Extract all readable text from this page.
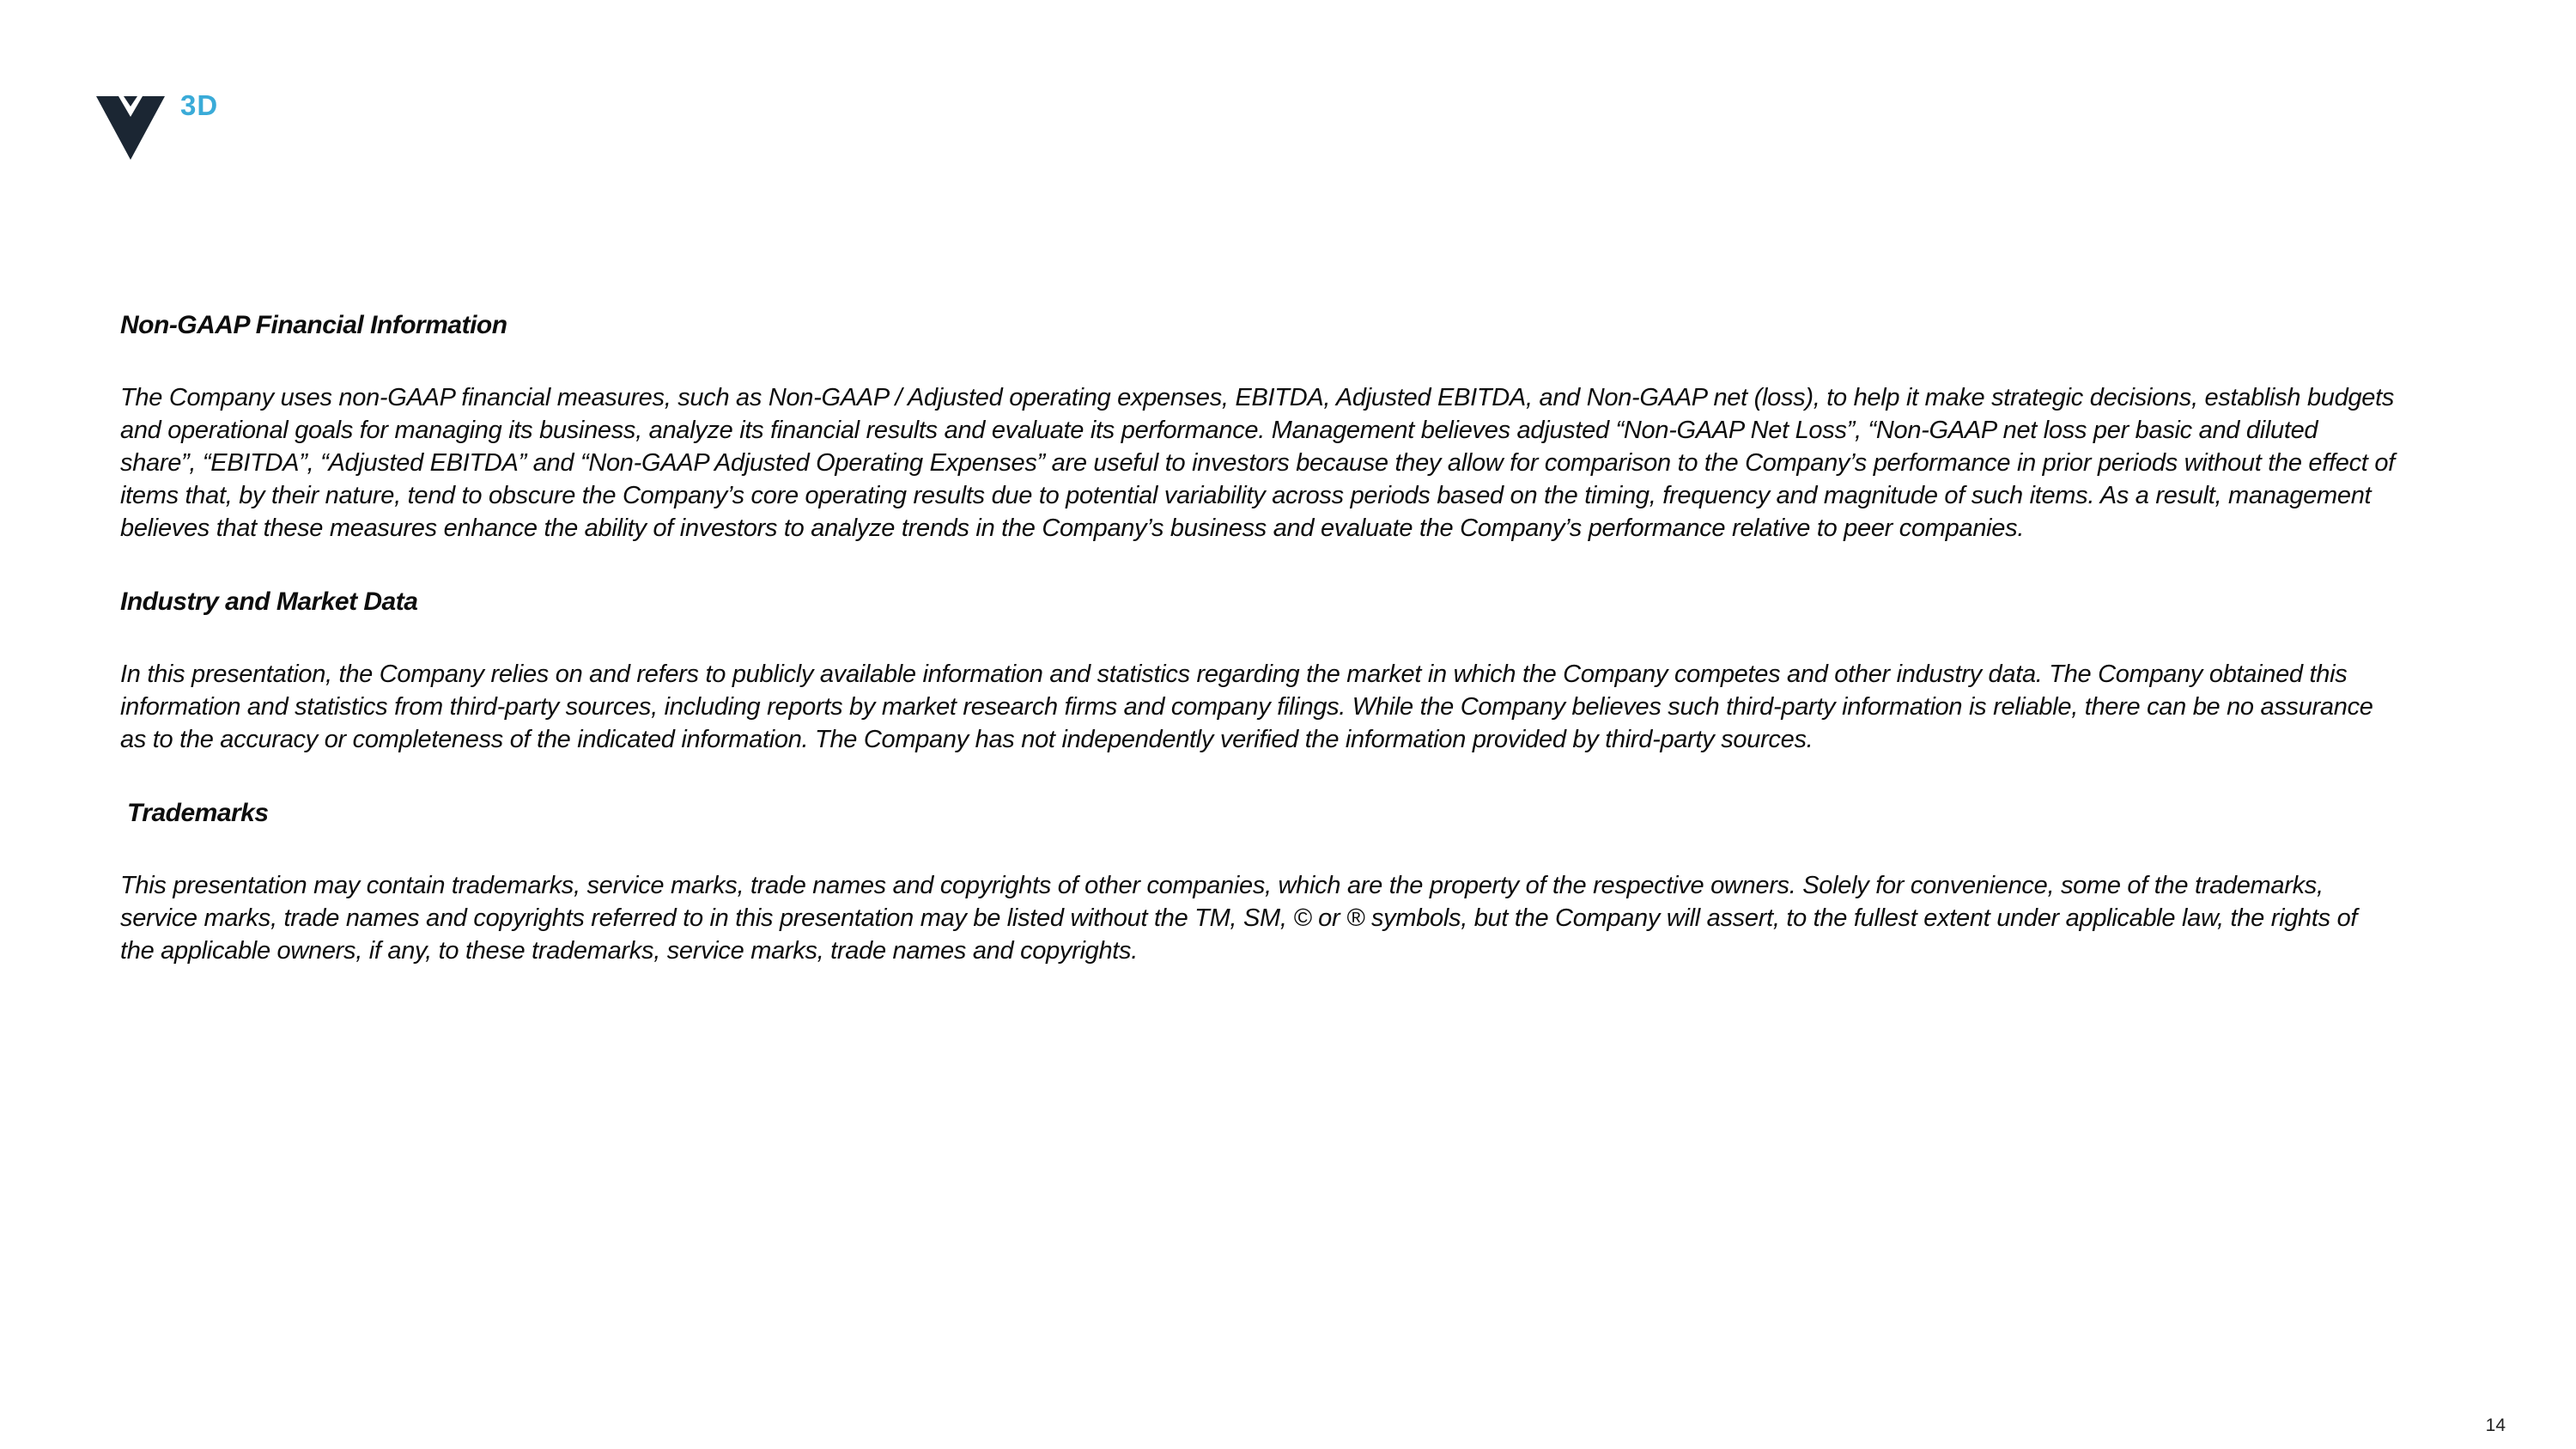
3D

Non-GAAP Financial Information

The Company uses non-GAAP financial measures, such as Non-GAAP / Adjusted operating expenses, EBITDA, Adjusted EBITDA, and Non-GAAP net (loss), to help it make strategic decisions, establish budgets and operational goals for managing its business, analyze its financial results and evaluate its performance. Management believes adjusted “Non-GAAP Net Loss”, “Non-GAAP net loss per basic and diluted share”, “EBITDA”, “Adjusted EBITDA” and “Non-GAAP Adjusted Operating Expenses” are useful to investors because they allow for comparison to the Company’s performance in prior periods without the effect of items that, by their nature, tend to obscure the Company’s core operating results due to potential variability across periods based on the timing, frequency and magnitude of such items. As a result, management believes that these measures enhance the ability of investors to analyze trends in the Company’s business and evaluate the Company’s performance relative to peer companies.

Industry and Market Data

In this presentation, the Company relies on and refers to publicly available information and statistics regarding the market in which the Company competes and other industry data. The Company obtained this information and statistics from third-party sources, including reports by market research firms and company filings. While the Company believes such third-party information is reliable, there can be no assurance as to the accuracy or completeness of the indicated information. The Company has not independently verified the information provided by third-party sources.

Trademarks

This presentation may contain trademarks, service marks, trade names and copyrights of other companies, which are the property of the respective owners. Solely for convenience, some of the trademarks, service marks, trade names and copyrights referred to in this presentation may be listed without the TM, SM, © or ® symbols, but the Company will assert, to the fullest extent under applicable law, the rights of the applicable owners, if any, to these trademarks, service marks, trade names and copyrights.

14
